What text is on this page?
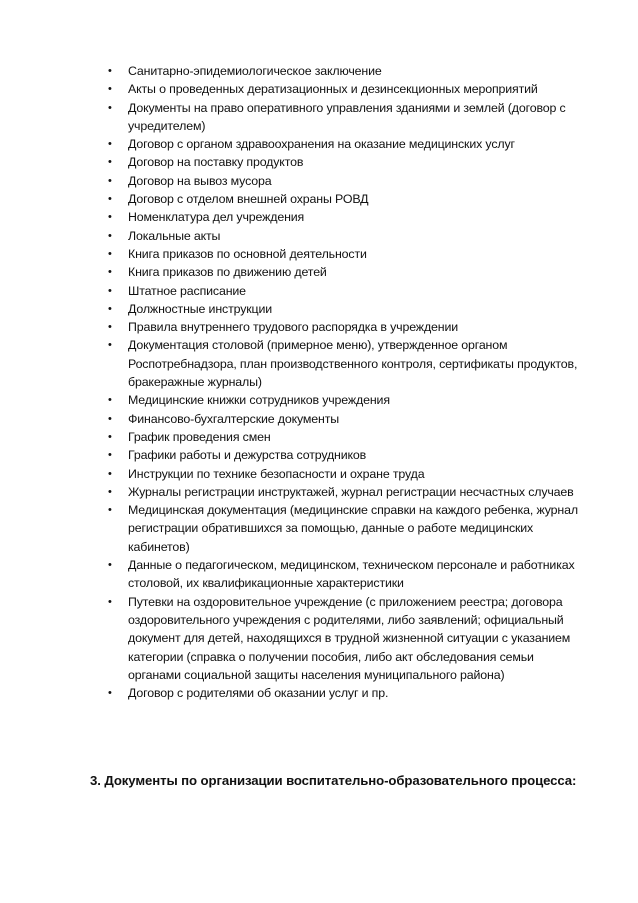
• Санитарно-эпидемиологическое заключение
• Акты о проведенных дератизационных и дезинсекционных мероприятий
• Документы на право оперативного управления зданиями и землей (договор с учредителем)
• Договор с органом здравоохранения на оказание медицинских услуг
• Договор на поставку продуктов
• Договор на вывоз мусора
• Договор с отделом внешней охраны РОВД
• Номенклатура дел учреждения
• Локальные акты
• Книга приказов по основной деятельности
• Книга приказов по движению детей
• Штатное расписание
• Должностные инструкции
• Правила внутреннего трудового распорядка в учреждении
• Документация столовой (примерное меню), утвержденное органом Роспотребнадзора, план производственного контроля, сертификаты продуктов, бракеражные журналы)
• Медицинские книжки сотрудников учреждения
• Финансово-бухгалтерские документы
• График проведения смен
• Графики работы и дежурства сотрудников
• Инструкции по технике безопасности и охране труда
• Журналы регистрации инструктажей, журнал регистрации несчастных случаев
• Медицинская документация (медицинские справки на каждого ребенка, журнал регистрации обратившихся за помощью, данные о работе медицинских кабинетов)
• Данные о педагогическом, медицинском, техническом персонале и работниках столовой, их квалификационные характеристики
• Путевки на оздоровительное учреждение (с приложением реестра; договора оздоровительного учреждения с родителями, либо заявлений; официальный документ для детей, находящихся в трудной жизненной ситуации с указанием категории (справка о получении пособия, либо акт обследования семьи органами социальной защиты населения муниципального района)
• Договор с родителями об оказании услуг и пр.
3. Документы по организации воспитательно-образовательного процесса:
